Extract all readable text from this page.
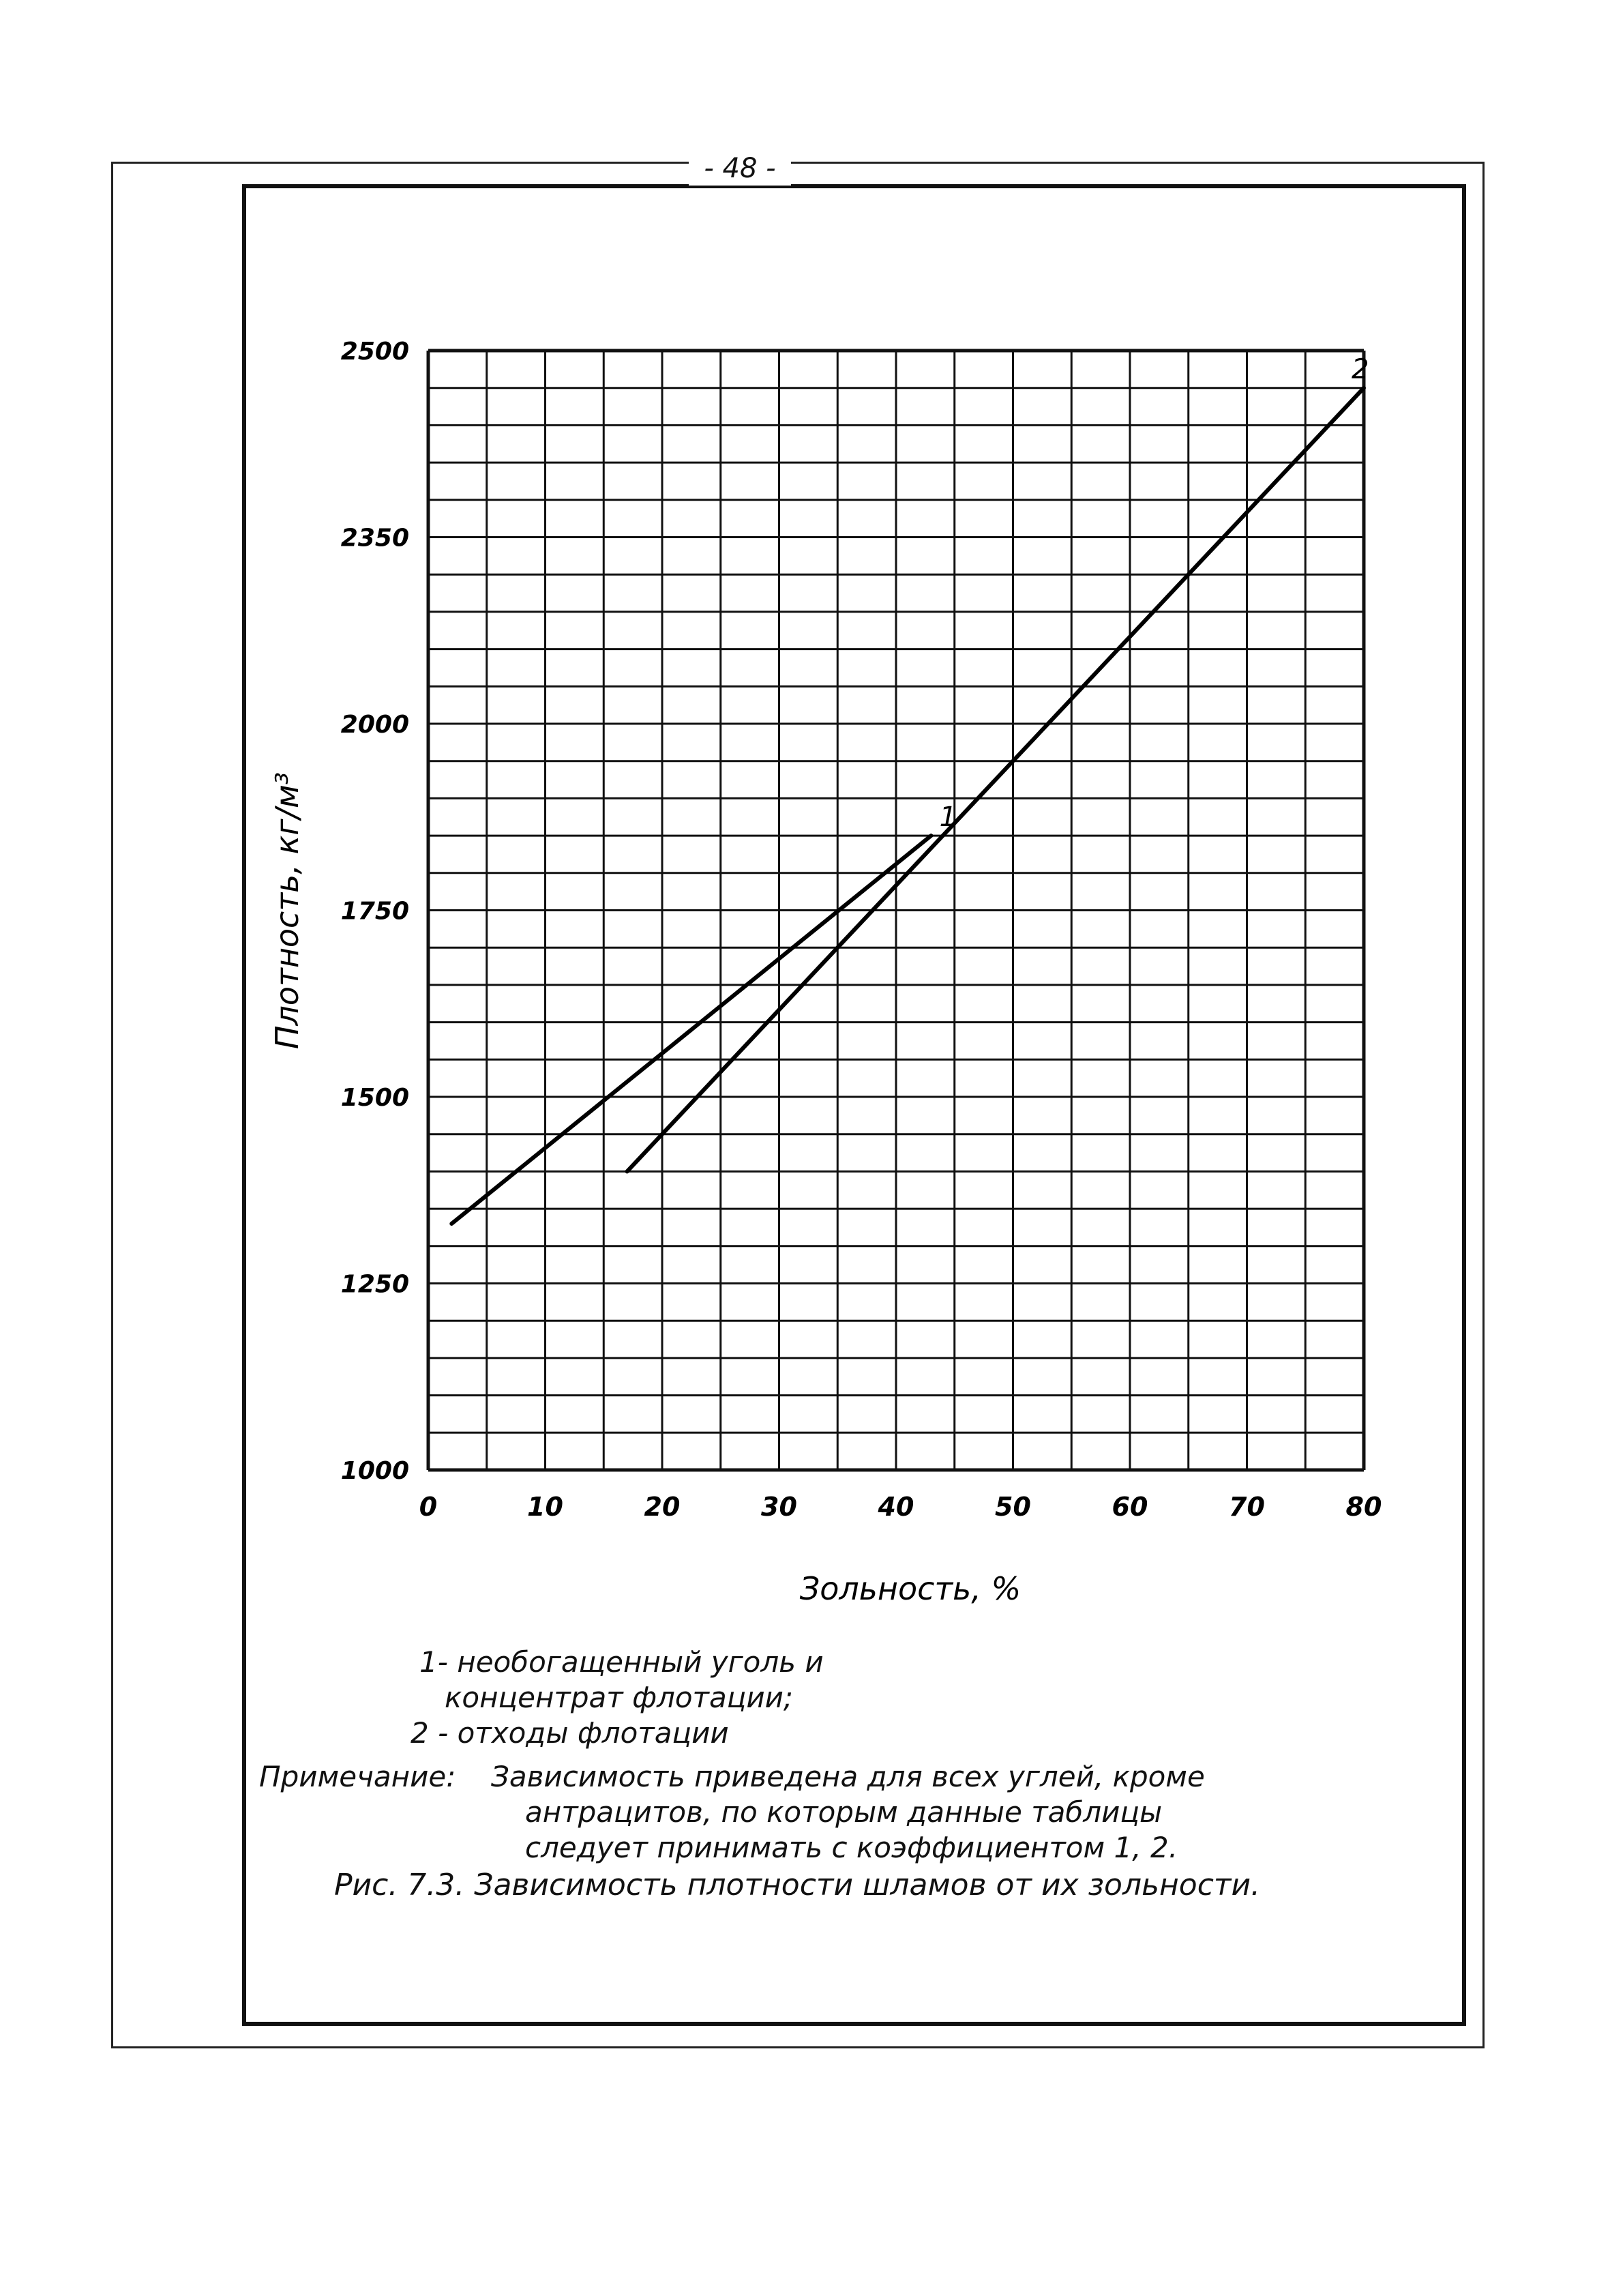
- 48 -
0	10	20	30	40	50	60	70	80
1000
1250
1500
1750
2000
2350
2500
1
2
Плотность, кг/м³
Зольность, %
1- необогащенный уголь и
концентрат флотации;
2 - отходы флотации
Примечание: Зависимость приведена для всех углей, кроме
антрацитов, по которым данные таблицы
следует принимать с коэффициентом 1, 2.
Рис. 7.3. Зависимость плотности шламов от их зольности.
